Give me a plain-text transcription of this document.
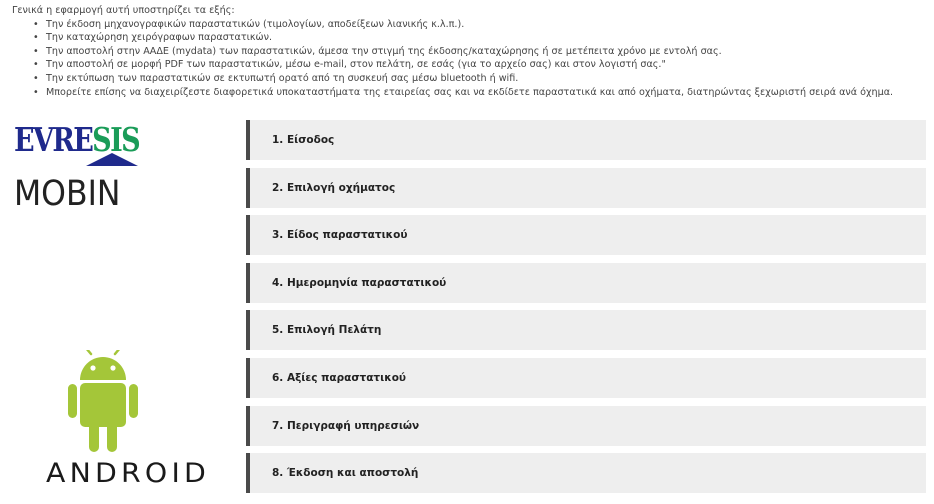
Γενικά η εφαρμογή αυτή υποστηρίζει τα εξής:
• Την έκδοση μηχανογραφικών παραστατικών (τιμολογίων, αποδείξεων λιανικής κ.λ.π.).
• Την καταχώρηση χειρόγραφων παραστατικών.
• Την αποστολή στην ΑΑΔΕ (mydata) των παραστατικών, άμεσα την στιγμή της έκδοσης/καταχώρησης ή σε μετέπειτα χρόνο με εντολή σας.
• Την αποστολή σε μορφή PDF των παραστατικών, μέσω e-mail, στον πελάτη, σε εσάς (για το αρχείο σας) και στον λογιστή σας."
• Την εκτύπωση των παραστατικών σε εκτυπωτή ορατό από τη συσκευή σας μέσω bluetooth ή wifi.
• Μπορείτε επίσης να διαχειρίζεστε διαφορετικά υποκαταστήματα της εταιρείας σας και να εκδίδετε παραστατικά και από οχήματα, διατηρώντας ξεχωριστή σειρά ανά όχημα.
EVRESIS
MOBIN
ANDROID
1. Είσοδος
2. Επιλογή οχήματος
3. Είδος παραστατικού
4. Ημερομηνία παραστατικού
5. Επιλογή Πελάτη
6. Αξίες παραστατικού
7. Περιγραφή υπηρεσιών
8. Έκδοση και αποστολή
